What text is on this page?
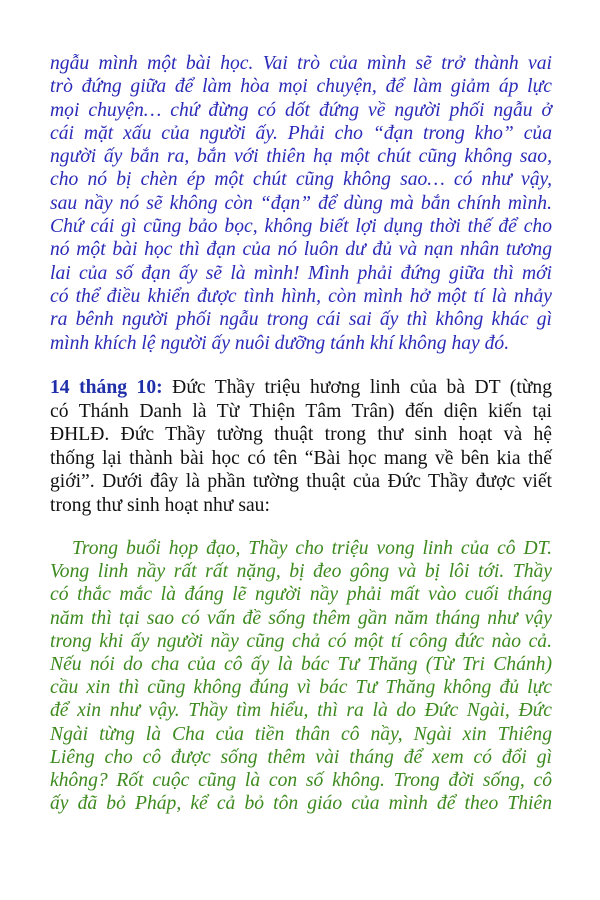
ngẫu mình một bài học. Vai trò của mình sẽ trở thành vai
trò đứng giữa để làm hòa mọi chuyện, để làm giảm áp lực
mọi chuyện… chứ đừng có dốt đứng về người phối ngẫu ở
cái mặt xấu của người ấy. Phải cho “đạn trong kho” của
người ấy bắn ra, bắn với thiên hạ một chút cũng không sao,
cho nó bị chèn ép một chút cũng không sao… có như vậy,
sau nầy nó sẽ không còn “đạn” để dùng mà bắn chính mình.
Chứ cái gì cũng bảo bọc, không biết lợi dụng thời thế để cho
nó một bài học thì đạn của nó luôn dư đủ và nạn nhân tương
lai của số đạn ấy sẽ là mình! Mình phải đứng giữa thì mới
có thể điều khiển được tình hình, còn mình hở một tí là nhảy
ra bênh người phối ngẫu trong cái sai ấy thì không khác gì
mình khích lệ người ấy nuôi dưỡng tánh khí không hay đó.
14 tháng 10: Đức Thầy triệu hương linh của bà DT (từng
có Thánh Danh là Từ Thiện Tâm Trân) đến diện kiến tại
ĐHLĐ. Đức Thầy tường thuật trong thư sinh hoạt và hệ
thống lại thành bài học có tên “Bài học mang về bên kia thế
giới”. Dưới đây là phần tường thuật của Đức Thầy được viết
trong thư sinh hoạt như sau:
Trong buổi họp đạo, Thầy cho triệu vong linh của cô DT.
Vong linh nầy rất rất nặng, bị đeo gông và bị lôi tới. Thầy
có thắc mắc là đáng lẽ người nầy phải mất vào cuối tháng
năm thì tại sao có vấn đề sống thêm gần năm tháng như vậy
trong khi ấy người nầy cũng chả có một tí công đức nào cả.
Nếu nói do cha của cô ấy là bác Tư Thăng (Từ Tri Chánh)
cầu xin thì cũng không đúng vì bác Tư Thăng không đủ lực
để xin như vậy. Thầy tìm hiểu, thì ra là do Đức Ngài, Đức
Ngài từng là Cha của tiền thân cô nầy, Ngài xin Thiêng
Liêng cho cô được sống thêm vài tháng để xem có đổi gì
không? Rốt cuộc cũng là con số không. Trong đời sống, cô
ấy đã bỏ Pháp, kể cả bỏ tôn giáo của mình để theo Thiên
